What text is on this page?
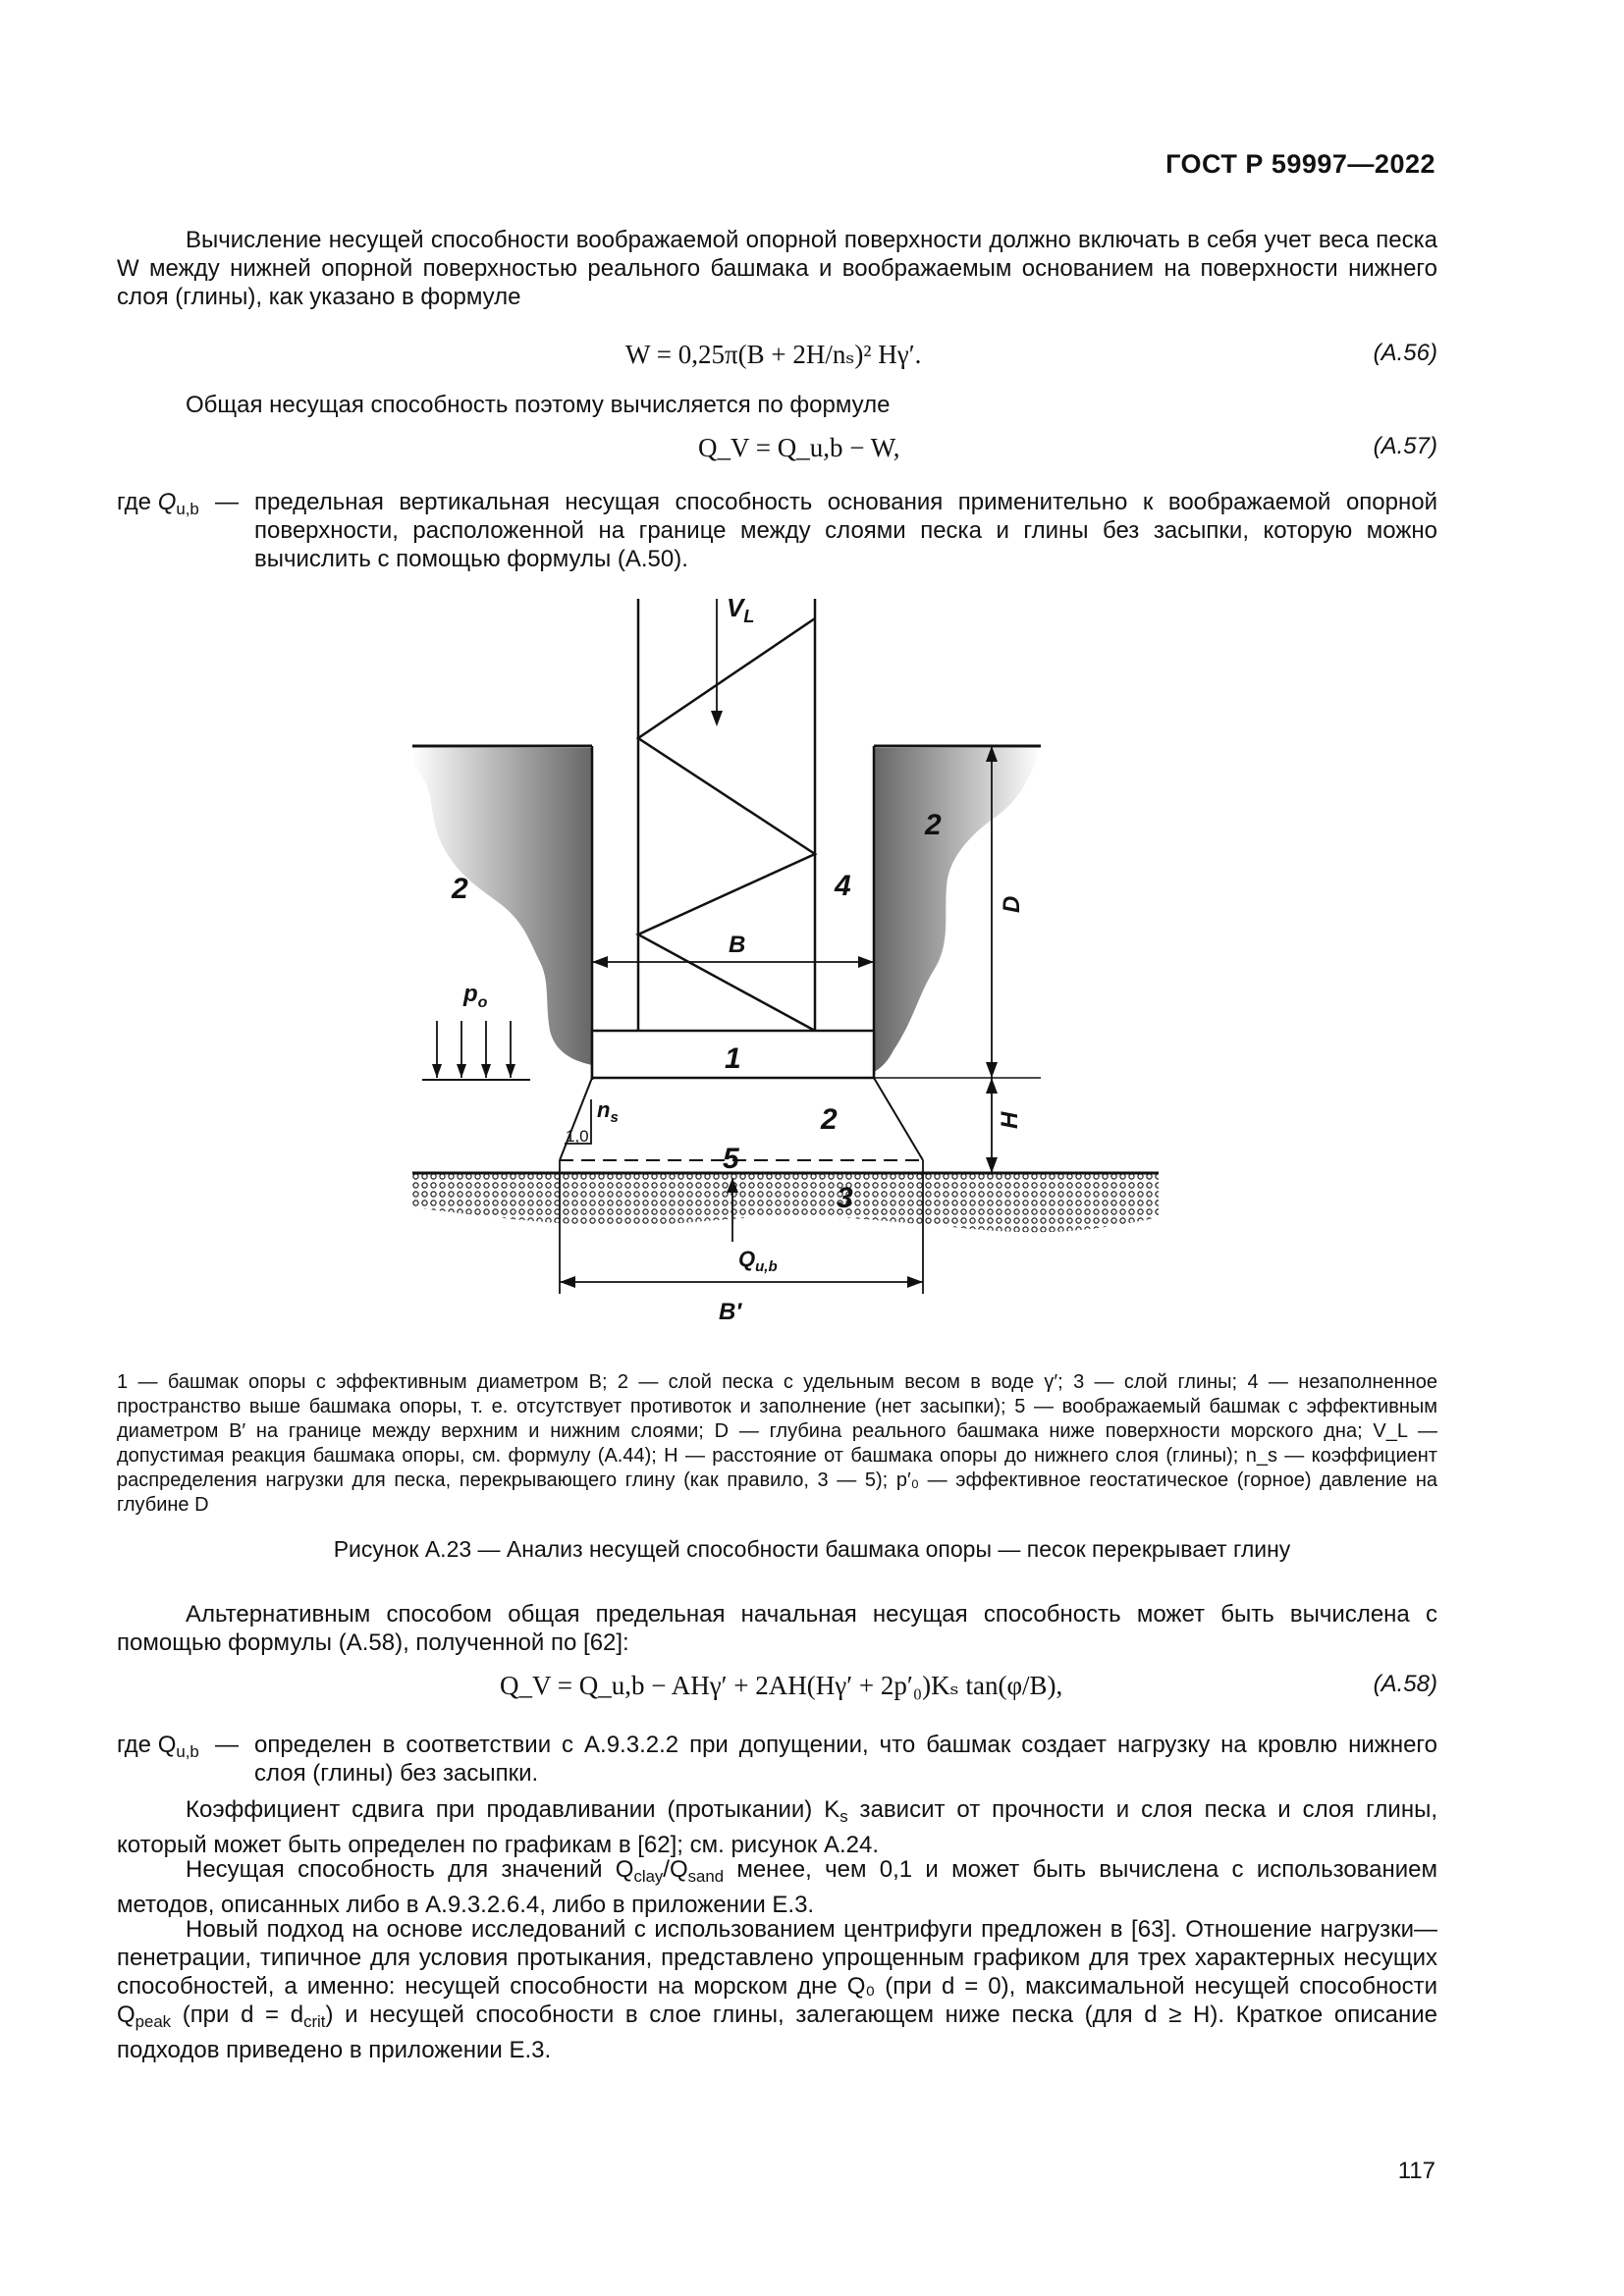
ГОСТ Р 59997—2022
Вычисление несущей способности воображаемой опорной поверхности должно включать в себя учет веса песка W между нижней опорной поверхностью реального башмака и воображаемым основанием на поверхности нижнего слоя (глины), как указано в формуле
W = 0,25π(B + 2H/nₛ)² Hγ′.	(A.56)
Общая несущая способность поэтому вычисляется по формуле
Q_V = Q_u,b − W,	(A.57)
где $Q_{u,b}$ — предельная вертикальная несущая способность основания применительно к воображаемой опорной поверхности, расположенной на границе между слоями песка и глины без засыпки, которую можно вычислить с помощью формулы (A.50).
$V_L$
2
2
4
B
D
$p_o$
1
2
$n_s$
1,0
H
5
3
$Q_{u,b}$
B′
1 — башмак опоры с эффективным диаметром B; 2 — слой песка с удельным весом в воде γ′; 3 — слой глины; 4 — незаполненное пространство выше башмака опоры, т. е. отсутствует противоток и заполнение (нет засыпки); 5 — воображаемый башмак с эффективным диаметром B′ на границе между верхним и нижним слоями; D — глубина реального башмака ниже поверхности морского дна; V_L — допустимая реакция башмака опоры, см. формулу (A.44); H — расстояние от башмака опоры до нижнего слоя (глины); n_s — коэффициент распределения нагрузки для песка, перекрывающего глину (как правило, 3 — 5); p′₀ — эффективное геостатическое (горное) давление на глубине D
Рисунок A.23 — Анализ несущей способности башмака опоры — песок перекрывает глину
Альтернативным способом общая предельная начальная несущая способность может быть вычислена с помощью формулы (A.58), полученной по [62]:
Q_V = Q_u,b − AHγ′ + 2AH(Hγ′ + 2p′₀)Kₛ tan(φ/B),	(A.58)
где $Q_{u,b}$ — определен в соответствии с А.9.3.2.2 при допущении, что башмак создает нагрузку на кровлю нижнего слоя (глины) без засыпки.
Коэффициент сдвига при продавливании (протыкании) $K_s$ зависит от прочности и слоя песка и слоя глины, который может быть определен по графикам в [62]; см. рисунок A.24.
Несущая способность для значений $Q_{clay}/Q_{sand}$ менее, чем 0,1 и может быть вычислена с использованием методов, описанных либо в А.9.3.2.6.4, либо в приложении Е.3.
Новый подход на основе исследований с использованием центрифуги предложен в [63]. Отношение нагрузки—пенетрации, типичное для условия протыкания, представлено упрощенным графиком для трех характерных несущих способностей, а именно: несущей способности на морском дне Q₀ (при d = 0), максимальной несущей способности $Q_{peak}$ (при $d = d_{crit}$) и несущей способности в слое глины, залегающем ниже песка (для d ≥ H). Краткое описание подходов приведено в приложении Е.3.
117
